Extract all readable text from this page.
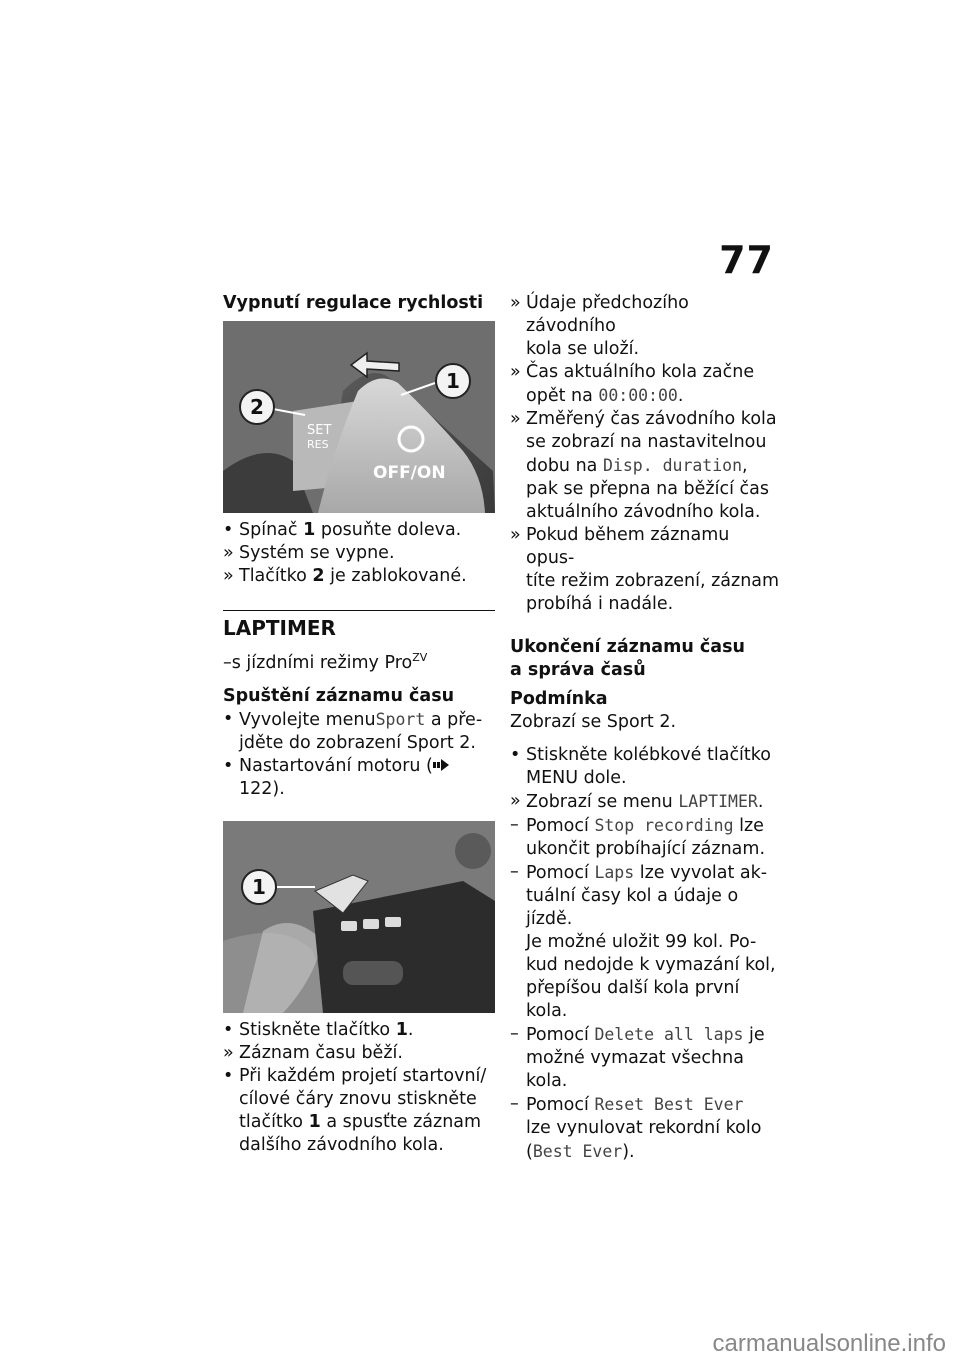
77
Vypnutí regulace rychlosti
SET
RES
OFF/ON
1
2
• Spínač 1 posuňte doleva.
» Systém se vypne.
» Tlačítko 2 je zablokované.
LAPTIMER
–s jízdními režimy Pro$^{ZV}$
Spuštění záznamu času
• Vyvolejte menuSport a pře-
jděte do zobrazení Sport 2.
• Nastartování motoru ( 122).
1
• Stiskněte tlačítko 1.
» Záznam času běží.
• Při každém projetí startovní/
cílové čáry znovu stiskněte
tlačítko 1 a spusťte záznam
dalšího závodního kola.
» Údaje předchozího závodního
kola se uloží.
» Čas aktuálního kola začne
opět na 00:00:00.
» Změřený čas závodního kola
se zobrazí na nastavitelnou
dobu na Disp. duration,
pak se přepna na běžící čas
aktuálního závodního kola.
» Pokud během záznamu opus-
títe režim zobrazení, záznam
probíhá i nadále.
Ukončení záznamu času
a správa časů
Podmínka
Zobrazí se Sport 2.
• Stiskněte kolébkové tlačítko
MENU dole.
» Zobrazí se menu LAPTIMER.
– Pomocí Stop recording lze
ukončit probíhající záznam.
– Pomocí Laps lze vyvolat ak-
tuální časy kol a údaje o jízdě.
Je možné uložit 99 kol. Po-
kud nedojde k vymazání kol,
přepíšou další kola první kola.
– Pomocí Delete all laps je
možné vymazat všechna kola.
– Pomocí Reset Best Ever
lze vynulovat rekordní kolo
(Best Ever).
carmanualsonline.info
